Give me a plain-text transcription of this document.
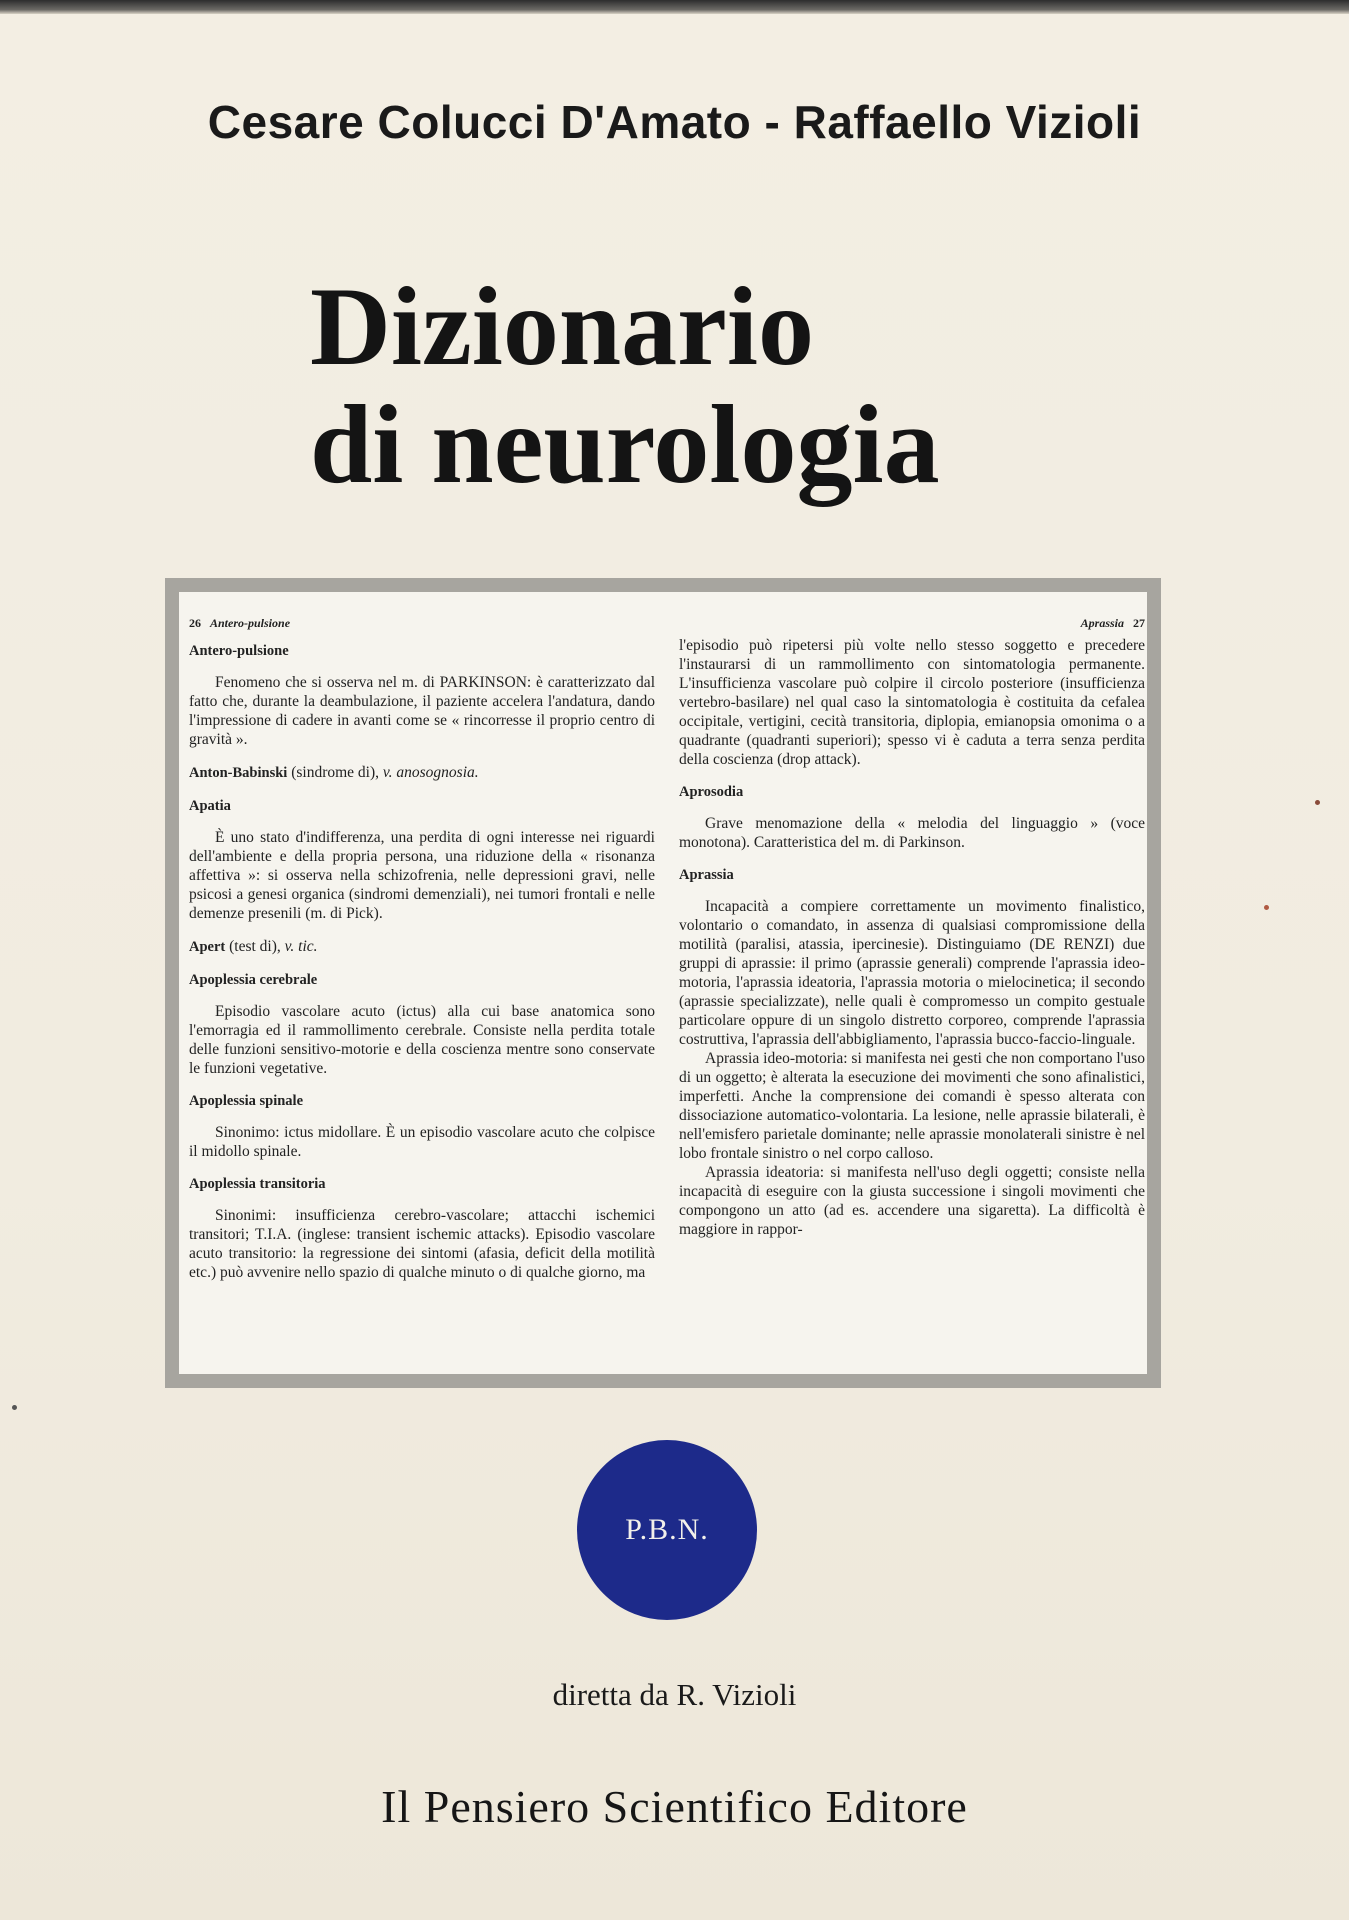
Cesare Colucci D'Amato - Raffaello Vizioli
Dizionario
di neurologia
26 Antero-pulsione
Antero-pulsione
Fenomeno che si osserva nel m. di PARKINSON: è caratterizzato dal fatto che, durante la deambulazione, il paziente accelera l'andatura, dando l'impressione di cadere in avanti come se « rincorresse il proprio centro di gravità ».
Anton-Babinski (sindrome di), v. anosognosia.
Apatia
È uno stato d'indifferenza, una perdita di ogni interesse nei riguardi dell'ambiente e della propria persona, una riduzione della « risonanza affettiva »: si osserva nella schizofrenia, nelle depressioni gravi, nelle psicosi a genesi organica (sindromi demenziali), nei tumori frontali e nelle demenze presenili (m. di Pick).
Apert (test di), v. tic.
Apoplessia cerebrale
Episodio vascolare acuto (ictus) alla cui base anatomica sono l'emorragia ed il rammollimento cerebrale. Consiste nella perdita totale delle funzioni sensitivo-motorie e della coscienza mentre sono conservate le funzioni vegetative.
Apoplessia spinale
Sinonimo: ictus midollare. È un episodio vascolare acuto che colpisce il midollo spinale.
Apoplessia transitoria
Sinonimi: insufficienza cerebro-vascolare; attacchi ischemici transitori; T.I.A. (inglese: transient ischemic attacks). Episodio vascolare acuto transitorio: la regressione dei sintomi (afasia, deficit della motilità etc.) può avvenire nello spazio di qualche minuto o di qualche giorno, ma
Aprassia 27
l'episodio può ripetersi più volte nello stesso soggetto e precedere l'instaurarsi di un rammollimento con sintomatologia permanente. L'insufficienza vascolare può colpire il circolo posteriore (insufficienza vertebro-basilare) nel qual caso la sintomatologia è costituita da cefalea occipitale, vertigini, cecità transitoria, diplopia, emianopsia omonima o a quadrante (quadranti superiori); spesso vi è caduta a terra senza perdita della coscienza (drop attack).
Aprosodia
Grave menomazione della « melodia del linguaggio » (voce monotona). Caratteristica del m. di Parkinson.
Aprassia
Incapacità a compiere correttamente un movimento finalistico, volontario o comandato, in assenza di qualsiasi compromissione della motilità (paralisi, atassia, ipercinesie). Distinguiamo (DE RENZI) due gruppi di aprassie: il primo (aprassie generali) comprende l'aprassia ideo-motoria, l'aprassia ideatoria, l'aprassia motoria o mielocinetica; il secondo (aprassie specializzate), nelle quali è compromesso un compito gestuale particolare oppure di un singolo distretto corporeo, comprende l'aprassia costruttiva, l'aprassia dell'abbigliamento, l'aprassia bucco-faccio-linguale.
Aprassia ideo-motoria: si manifesta nei gesti che non comportano l'uso di un oggetto; è alterata la esecuzione dei movimenti che sono afinalistici, imperfetti. Anche la comprensione dei comandi è spesso alterata con dissociazione automatico-volontaria. La lesione, nelle aprassie bilaterali, è nell'emisfero parietale dominante; nelle aprassie monolaterali sinistre è nel lobo frontale sinistro o nel corpo calloso.
Aprassia ideatoria: si manifesta nell'uso degli oggetti; consiste nella incapacità di eseguire con la giusta successione i singoli movimenti che compongono un atto (ad es. accendere una sigaretta). La difficoltà è maggiore in rappor-
P.B.N.
diretta da R. Vizioli
Il Pensiero Scientifico Editore
